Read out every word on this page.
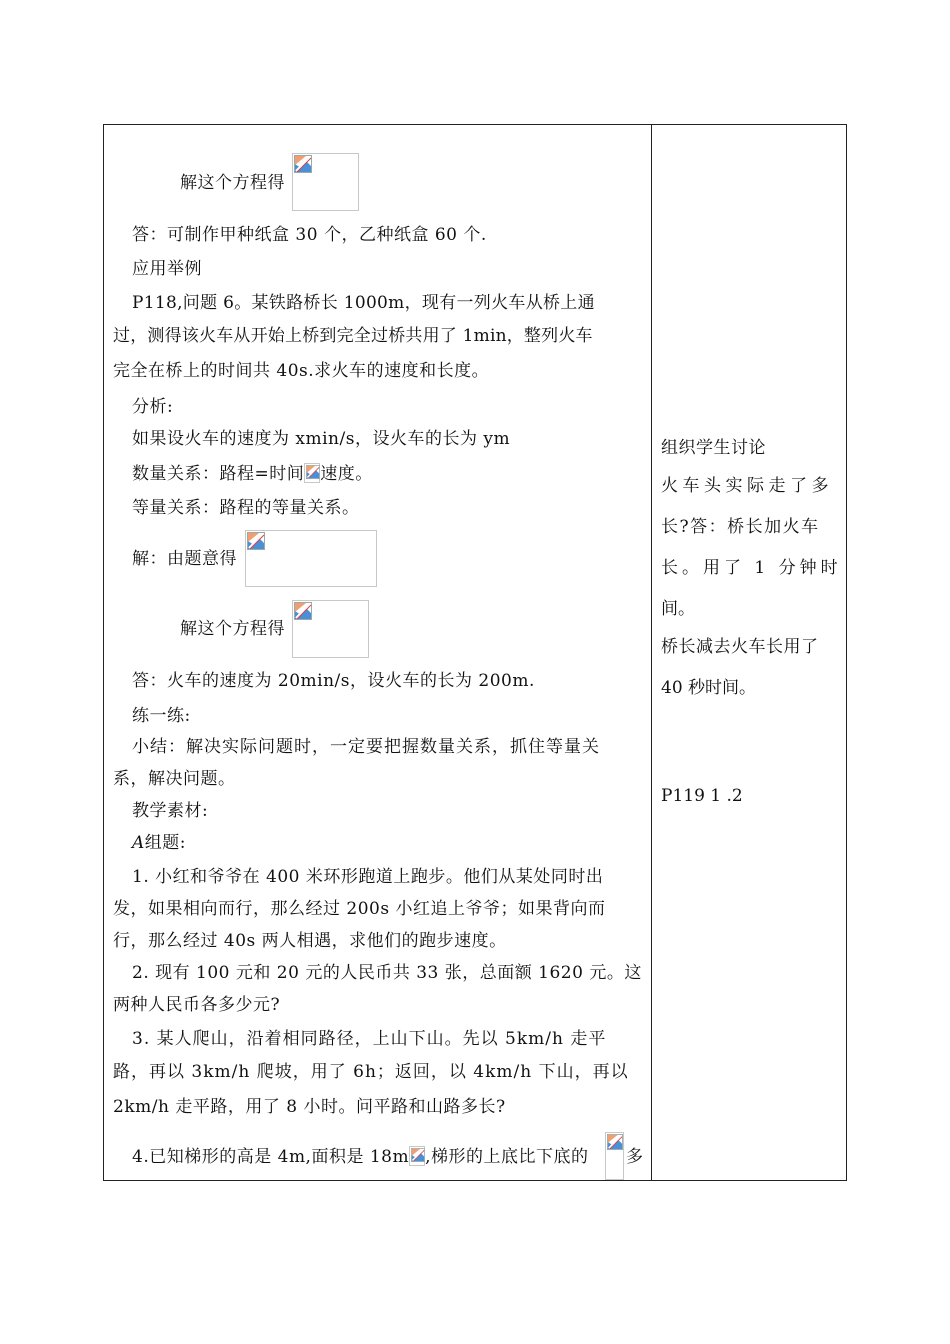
解这个方程得
答：可制作甲种纸盒 30 个，乙种纸盒 60 个.
应用举例
P118,问题 6。某铁路桥长 1000m，现有一列火车从桥上通
过，测得该火车从开始上桥到完全过桥共用了 1min，整列火车
完全在桥上的时间共 40s.求火车的速度和长度。
分析:
如果设火车的速度为 xmin/s，设火车的长为 ym
数量关系：路程=时间 速度。
等量关系：路程的等量关系。
解：由题意得
解这个方程得
答：火车的速度为 20min/s，设火车的长为 200m.
练一练:
小结：解决实际问题时，一定要把握数量关系，抓住等量关
系，解决问题。
教学素材:
A组题:
1. 小红和爷爷在 400 米环形跑道上跑步。他们从某处同时出
发，如果相向而行，那么经过 200s 小红追上爷爷；如果背向而
行，那么经过 40s 两人相遇，求他们的跑步速度。
2. 现有 100 元和 20 元的人民币共 33 张，总面额 1620 元。这
两种人民币各多少元?
3. 某人爬山，沿着相同路径，上山下山。先以 5km/h 走平
路，再以 3km/h 爬坡，用了 6h；返回，以 4km/h 下山，再以
2km/h 走平路，用了 8 小时。问平路和山路多长?
4.已知梯形的高是 4m,面积是 18m ,梯形的上底比下底的 多
组织学生讨论
火车头实际走了多
长?答：桥长加火车
长。用了 1 分钟时
间。
桥长减去火车长用了
40 秒时间。
P119 1 .2
